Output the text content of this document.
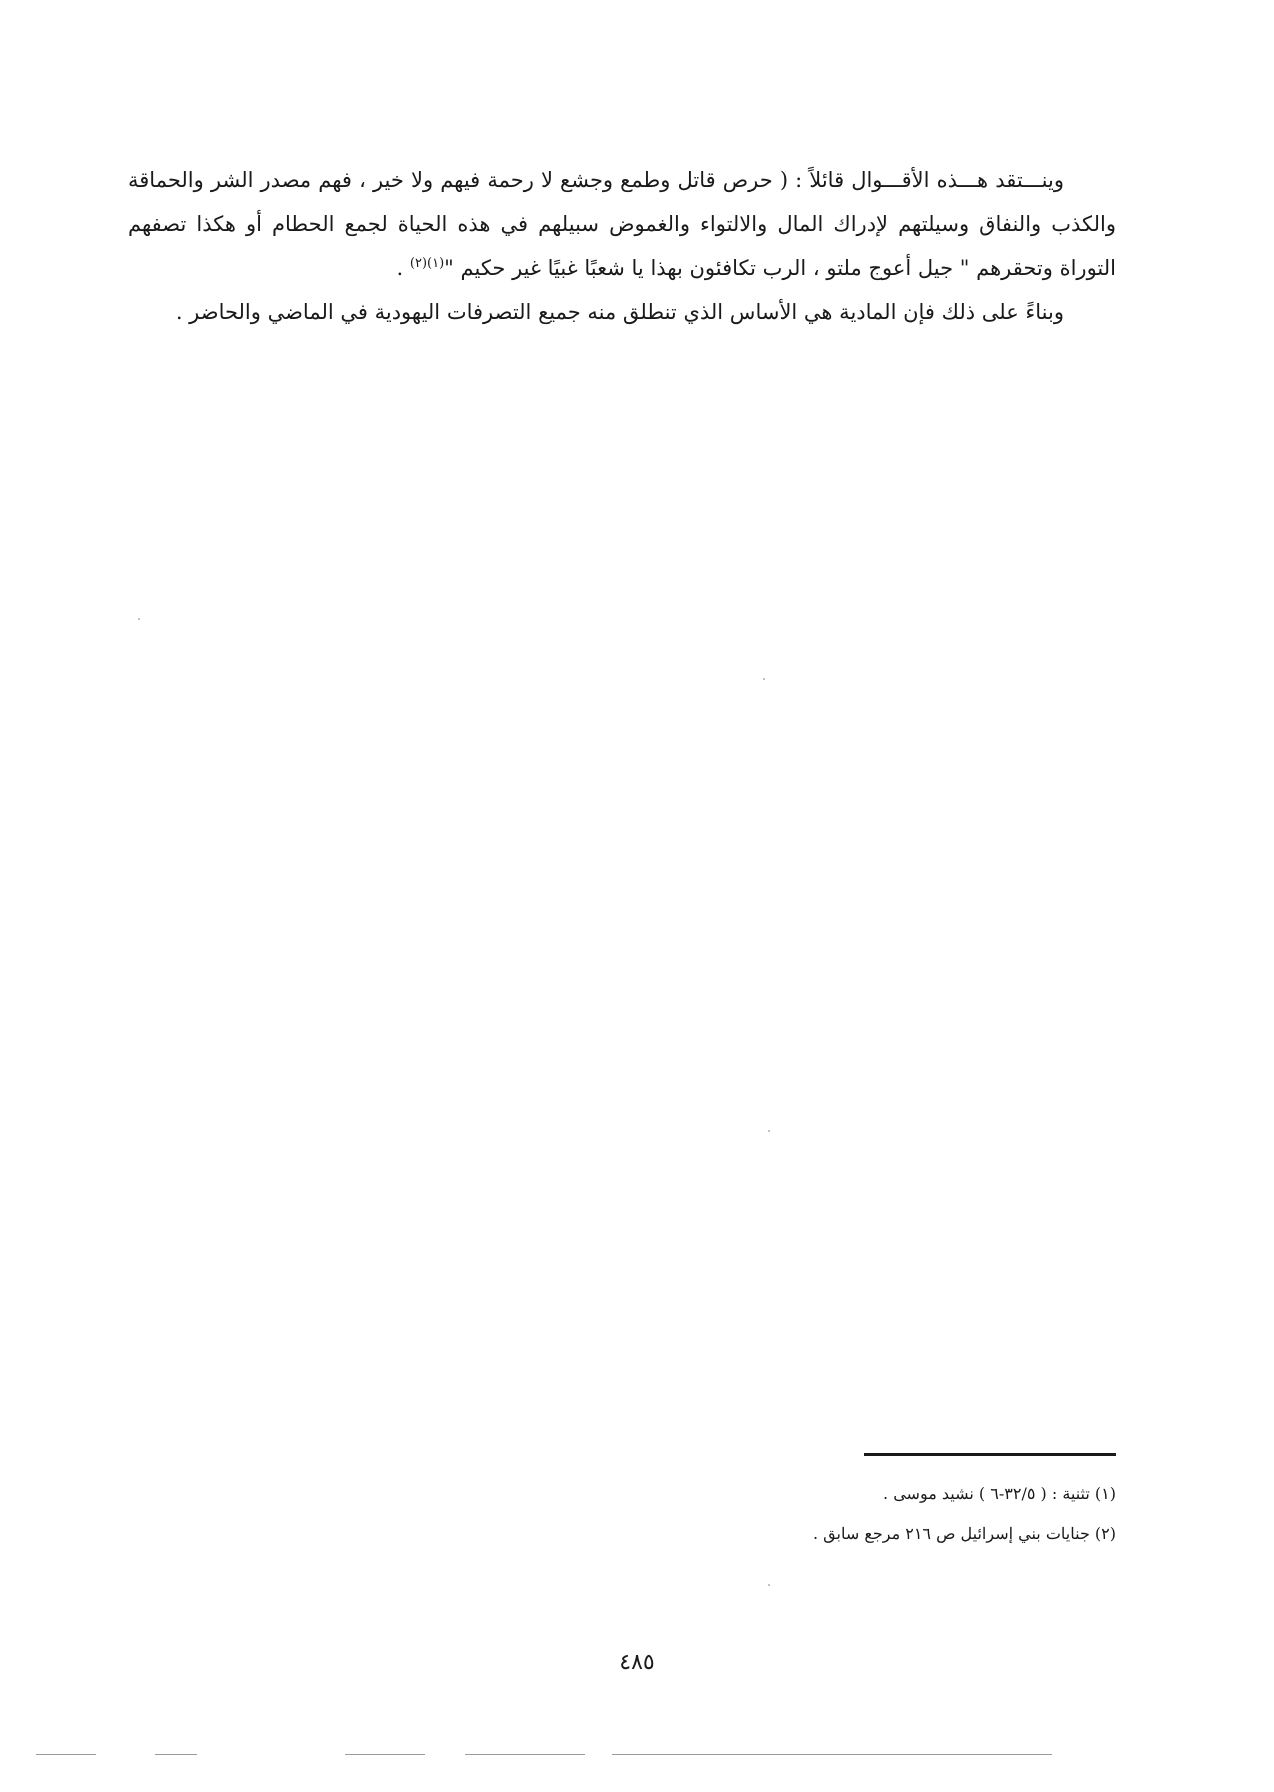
وينـــتقد هـــذه الأقـــوال قائلاً : ( حرص قاتل وطمع وجشع لا رحمة فيهم ولا خير ، فهم مصدر الشر والحماقة والكذب والنفاق وسيلتهم لإدراك المال والالتواء والغموض سبيلهم في هذه الحياة لجمع الحطام أو هكذا تصفهم التوراة وتحقرهم " جيل أعوج ملتو ، الرب تكافئون بهذا يا شعبًا غبيًا غير حكيم "$^{(١)(٢)}$ .

وبناءً على ذلك فإن المادية هي الأساس الذي تنطلق منه جميع التصرفات اليهودية في الماضي والحاضر .

(١) تثنية : ( ٣٢/٥-٦ ) نشيد موسى .

(٢) جنايات بني إسرائيل ص ٢١٦ مرجع سابق .

٤٨٥
